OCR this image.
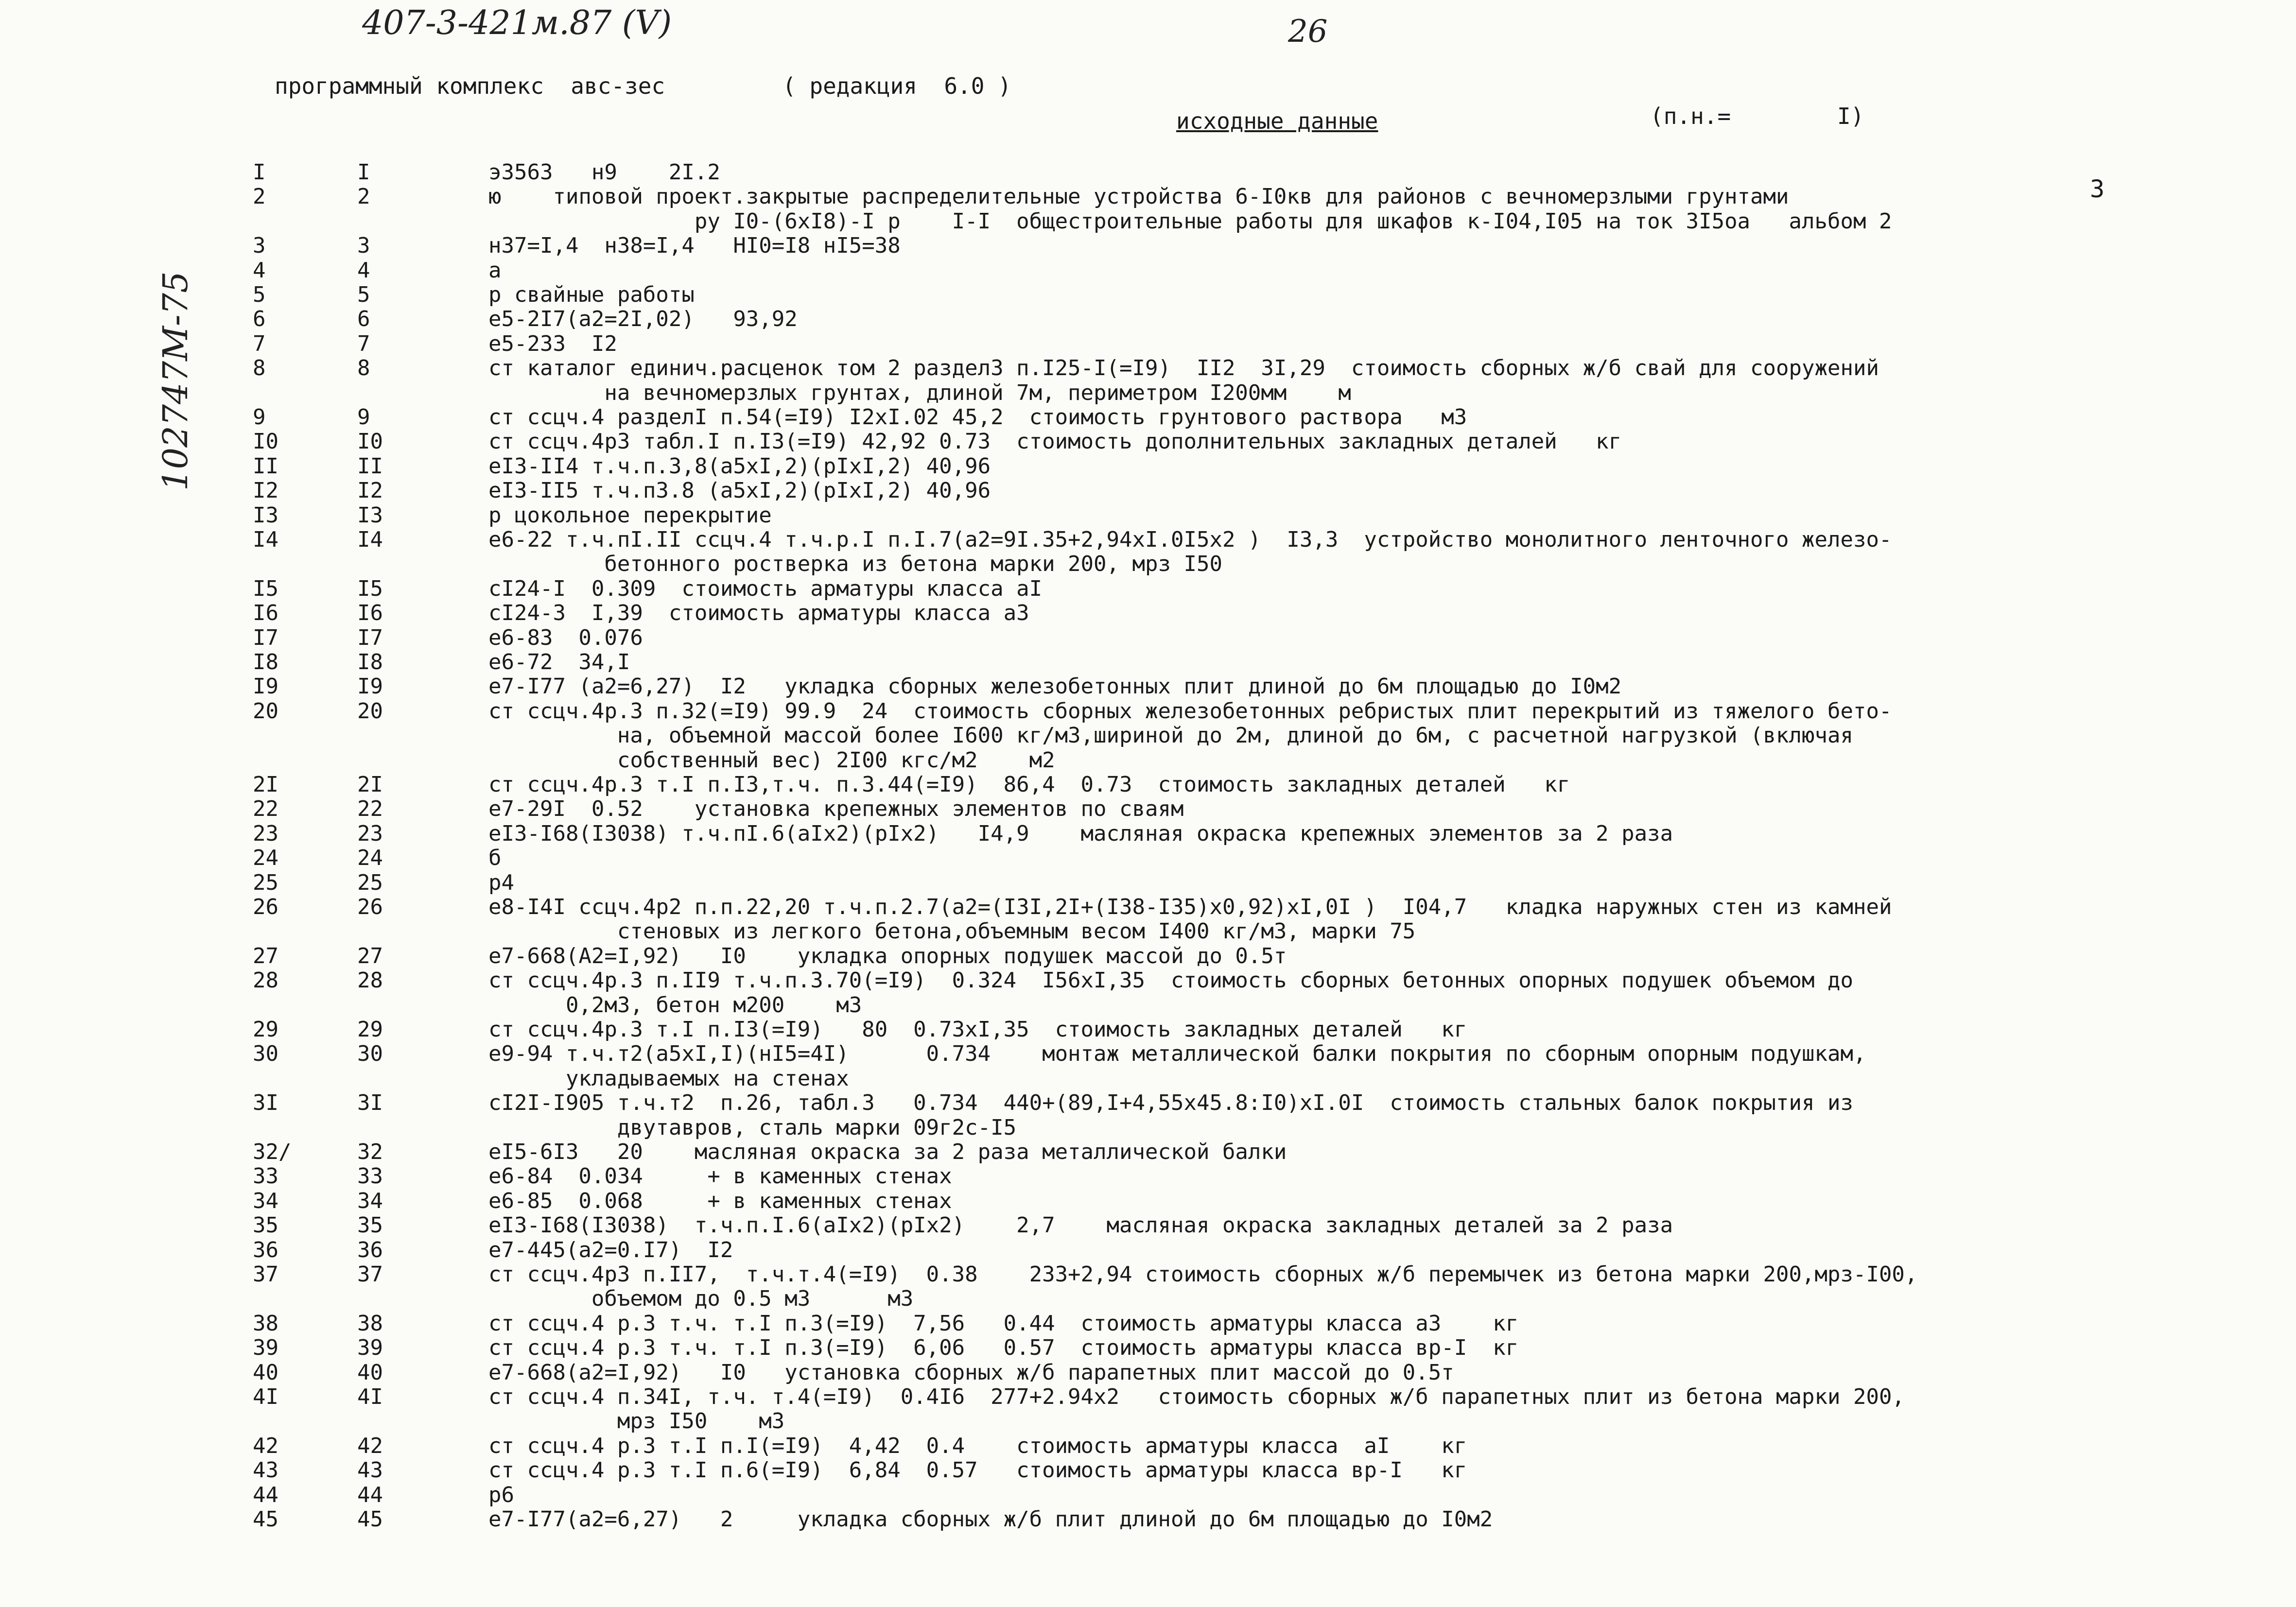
407-3-421м.87 (V)	26
102747М-75
программный комплекс  авс-зес	( редакция  6.0 )
исходные данные	(п.н.=	I)
3
I	I	э3563   н9    2I.2
2	2	ю    типовой проект.закрытые распределительные устройства 6-I0кв для районов с вечномерзлыми грунтами
ру I0-(6xI8)-I р    I-I  общестроительные работы для шкафов к-I04,I05 на ток 3I5оа   альбом 2
3	3	н37=I,4  н38=I,4   НI0=I8 нI5=38
4	4	а
5	5	р свайные работы
6	6	е5-2I7(а2=2I,02)   93,92
7	7	е5-233  I2
8	8	ст каталог единич.расценок том 2 раздел3 п.I25-I(=I9)  II2  3I,29  стоимость сборных ж/б свай для сооружений
на вечномерзлых грунтах, длиной 7м, периметром I200мм    м
9	9	ст ссцч.4 разделI п.54(=I9) I2xI.02 45,2  стоимость грунтового раствора   м3
I0	I0	ст ссцч.4р3 табл.I п.I3(=I9) 42,92 0.73  стоимость дополнительных закладных деталей   кг
II	II	еI3-II4 т.ч.п.3,8(а5xI,2)(рIxI,2) 40,96
I2	I2	еI3-II5 т.ч.п3.8 (а5xI,2)(рIxI,2) 40,96
I3	I3	р цокольное перекрытие
I4	I4	е6-22 т.ч.пI.II ссцч.4 т.ч.р.I п.I.7(а2=9I.35+2,94xI.0I5x2 )  I3,3  устройство монолитного ленточного железо-
бетонного ростверка из бетона марки 200, мрз I50
I5	I5	сI24-I  0.309  стоимость арматуры класса аI
I6	I6	сI24-3  I,39  стоимость арматуры класса а3
I7	I7	е6-83  0.076
I8	I8	е6-72  34,I
I9	I9	е7-I77 (а2=6,27)  I2   укладка сборных железобетонных плит длиной до 6м площадью до I0м2
20	20	ст ссцч.4р.3 п.32(=I9) 99.9  24  стоимость сборных железобетонных ребристых плит перекрытий из тяжелого бето-
на, объемной массой более I600 кг/м3,шириной до 2м, длиной до 6м, с расчетной нагрузкой (включая
собственный вес) 2I00 кгс/м2    м2
2I	2I	ст ссцч.4р.3 т.I п.I3,т.ч. п.3.44(=I9)  86,4  0.73  стоимость закладных деталей   кг
22	22	е7-29I  0.52    установка крепежных элементов по сваям
23	23	еI3-I68(I3038) т.ч.пI.6(аIx2)(рIx2)   I4,9    масляная окраска крепежных элементов за 2 раза
24	24	б
25	25	р4
26	26	е8-I4I ссцч.4р2 п.п.22,20 т.ч.п.2.7(а2=(I3I,2I+(I38-I35)x0,92)xI,0I )  I04,7   кладка наружных стен из камней
стеновых из легкого бетона,объемным весом I400 кг/м3, марки 75
27	27	е7-668(А2=I,92)   I0    укладка опорных подушек массой до 0.5т
28	28	ст ссцч.4р.3 п.II9 т.ч.п.3.70(=I9)  0.324  I56xI,35  стоимость сборных бетонных опорных подушек объемом до
0,2м3, бетон м200    м3
29	29	ст ссцч.4р.3 т.I п.I3(=I9)   80  0.73xI,35  стоимость закладных деталей   кг
30	30	е9-94 т.ч.т2(а5xI,I)(нI5=4I)      0.734    монтаж металлической балки покрытия по сборным опорным подушкам,
укладываемых на стенах
3I	3I	сI2I-I905 т.ч.т2  п.26, табл.3   0.734  440+(89,I+4,55x45.8:I0)xI.0I  стоимость стальных балок покрытия из
двутавров, сталь марки 09г2с-I5
32/	32	еI5-6I3   20    масляная окраска за 2 раза металлической балки
33	33	е6-84  0.034     + в каменных стенах
34	34	е6-85  0.068     + в каменных стенах
35	35	еI3-I68(I3038)  т.ч.п.I.6(аIx2)(рIx2)    2,7    масляная окраска закладных деталей за 2 раза
36	36	е7-445(а2=0.I7)  I2
37	37	ст ссцч.4р3 п.II7,  т.ч.т.4(=I9)  0.38    233+2,94 стоимость сборных ж/б перемычек из бетона марки 200,мрз-I00,
объемом до 0.5 м3      м3
38	38	ст ссцч.4 р.3 т.ч. т.I п.3(=I9)  7,56   0.44  стоимость арматуры класса а3    кг
39	39	ст ссцч.4 р.3 т.ч. т.I п.3(=I9)  6,06   0.57  стоимость арматуры класса вр-I  кг
40	40	е7-668(а2=I,92)   I0   установка сборных ж/б парапетных плит массой до 0.5т
4I	4I	ст ссцч.4 п.34I, т.ч. т.4(=I9)  0.4I6  277+2.94x2   стоимость сборных ж/б парапетных плит из бетона марки 200,
мрз I50    м3
42	42	ст ссцч.4 р.3 т.I п.I(=I9)  4,42  0.4    стоимость арматуры класса  аI    кг
43	43	ст ссцч.4 р.3 т.I п.6(=I9)  6,84  0.57   стоимость арматуры класса вр-I   кг
44	44	р6
45	45	е7-I77(а2=6,27)   2     укладка сборных ж/б плит длиной до 6м площадью до I0м2
